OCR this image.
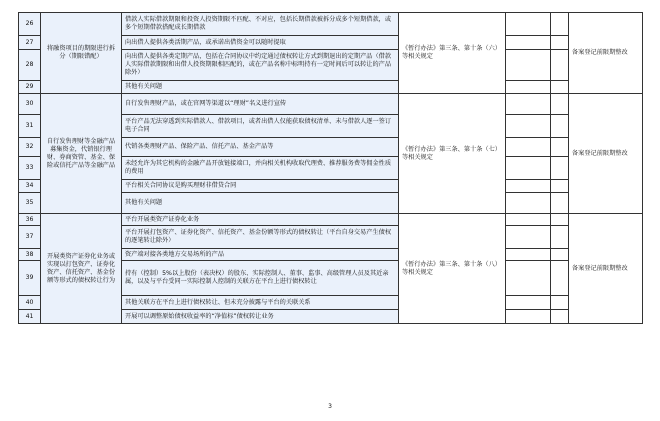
26	将融资项目的期限进行拆分（期限错配）	借款人实际借款期限和投资人投资期限不匹配、不对应，包括长期借款被拆分成多个短期借款，或多个短期借款搭配成长期借款	《暂行办法》第三条、第十条（六）等相关规定			备案登记前限期整改
27		向出借人提供各类活期产品，或承诺出借资金可以随时提取				
28		向出借人提供各类定期产品，包括在合同协议中约定通过债权转让方式到期退出的定期产品（借款人实际借款期限和出借人投资期限相匹配的，或在产品名称中标明持有一定时间后可以转让的产品除外）				
29		其他有关问题				
30	自行发售理财等金融产品募集资金，代销银行理财、券商资管、基金、保险或信托产品等金融产品	自行发售理财产品，或在官网等渠道以“理财”名义进行宣传	《暂行办法》第三条、第十条（七）等相关规定			备案登记前限期整改
31		平台产品无法穿透到实际借款人、借款项目，或者出借人仅能获取债权清单、未与借款人逐一签订电子合同				
32		代销各类理财产品、保险产品、信托产品、基金产品等				
33		未经允许为其它机构的金融产品开放链接端口，并向相关机构收取代理费、推荐服务费等佣金性质的费用				
34		平台相关合同协议是购买理财非借贷合同				
35		其他有关问题				
36	开展类资产证券化业务或实现以打包资产、证券化资产、信托资产、基金份额等形式的债权转让行为	平台开展类资产证券化业务	《暂行办法》第三条、第十条（八）等相关规定			备案登记前限期整改
37		平台开展打包资产、证券化资产、信托资产、基金份额等形式的债权转让（平台自身交易产生债权的逐笔转让除外）				
38		资产端对接各类地方交易场所的产品				
39		持有（控制）5%以上股份（表决权）的股东、实际控制人、董事、监事、高级管理人员及其近亲属，以及与平台受同一实际控制人控制的关联方在平台上进行债权转让				
40		其他关联方在平台上进行债权转让、但未充分披露与平台的关联关系				
41		开展可以调整原始债权收益率的“净值标”债权转让业务				
3
